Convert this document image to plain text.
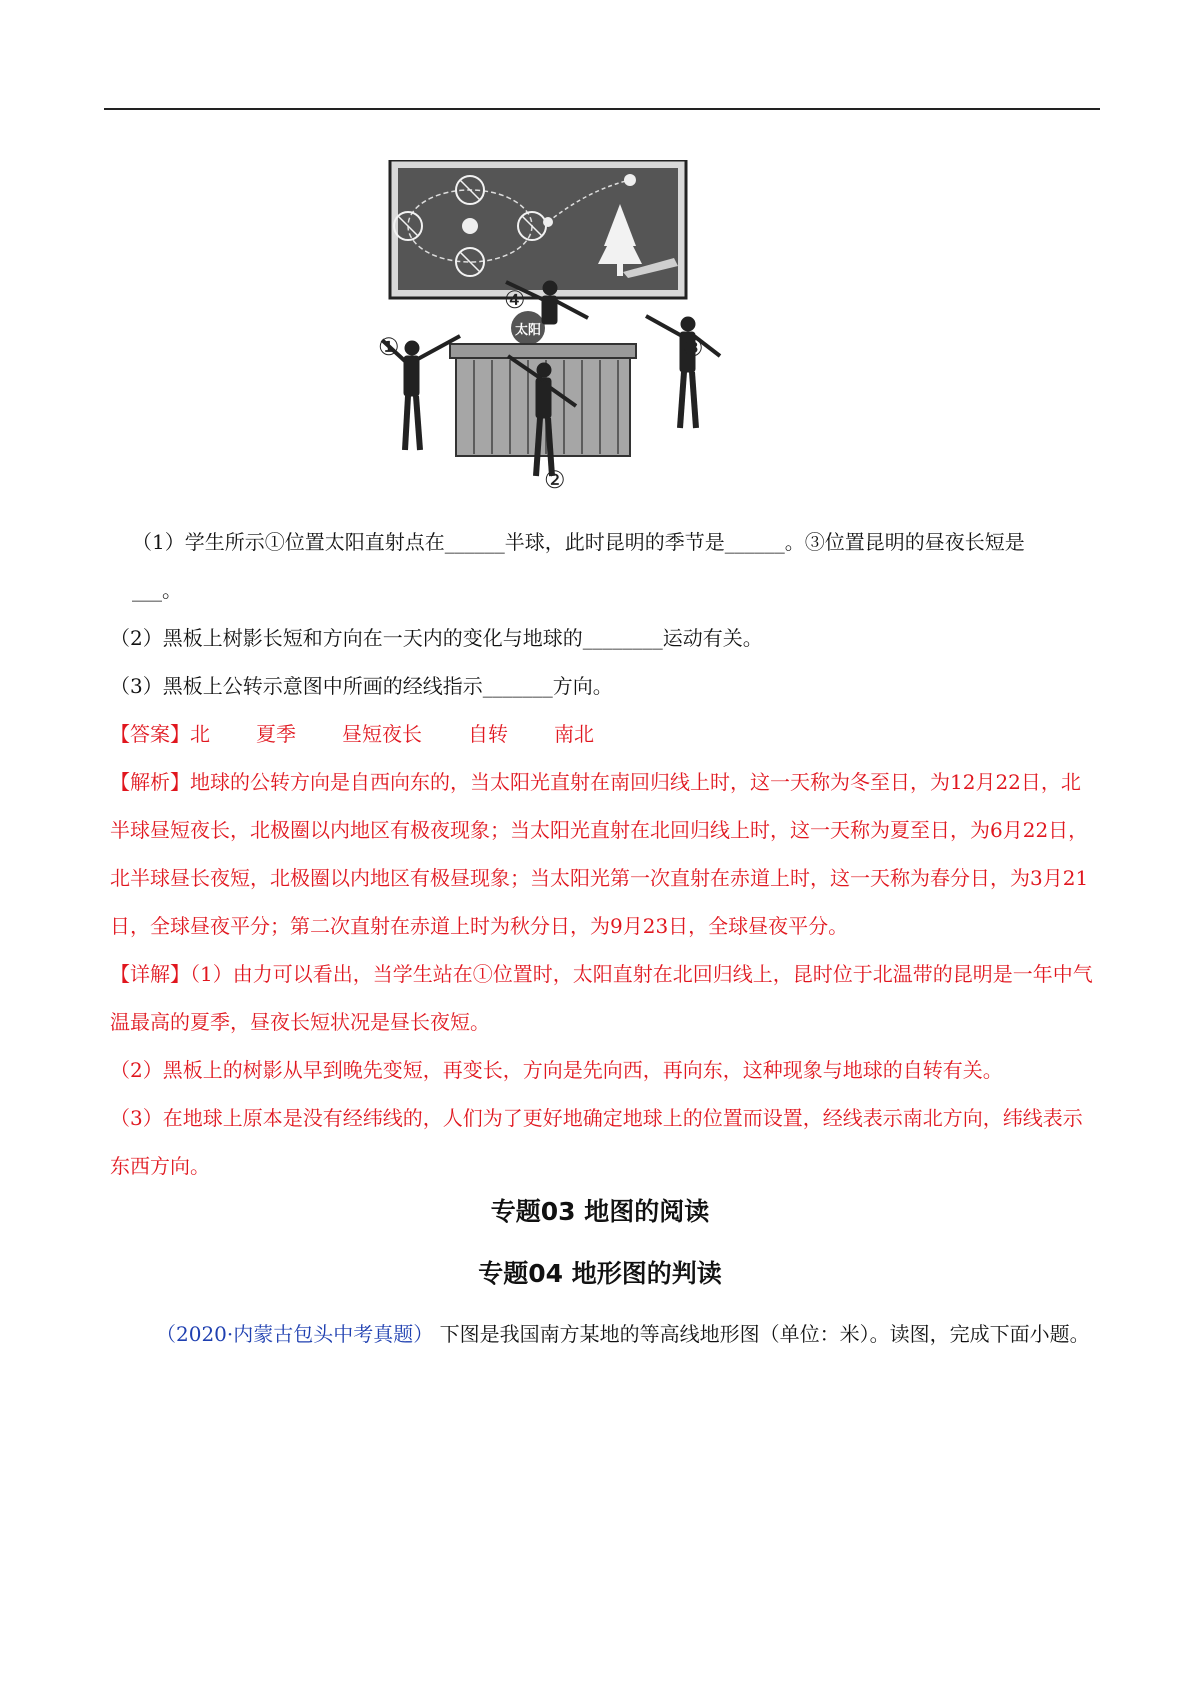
太阳
①
②
③
④
（1）学生所示①位置太阳直射点在______半球，此时昆明的季节是______。③位置昆明的昼夜长短是
___。
（2）黑板上树影长短和方向在一天内的变化与地球的________运动有关。
（3）黑板上公转示意图中所画的经线指示_______方向。
【答案】北 夏季 昼短夜长 自转 南北
【解析】地球的公转方向是自西向东的，当太阳光直射在南回归线上时，这一天称为冬至日，为12月22日，北半球昼短夜长，北极圈以内地区有极夜现象；当太阳光直射在北回归线上时，这一天称为夏至日，为6月22日，北半球昼长夜短，北极圈以内地区有极昼现象；当太阳光第一次直射在赤道上时，这一天称为春分日，为3月21日，全球昼夜平分；第二次直射在赤道上时为秋分日，为9月23日，全球昼夜平分。
【详解】（1）由力可以看出，当学生站在①位置时，太阳直射在北回归线上，昆时位于北温带的昆明是一年中气温最高的夏季，昼夜长短状况是昼长夜短。
（2）黑板上的树影从早到晚先变短，再变长，方向是先向西，再向东，这种现象与地球的自转有关。
（3）在地球上原本是没有经纬线的，人们为了更好地确定地球上的位置而设置，经线表示南北方向，纬线表示东西方向。
专题03 地图的阅读
专题04 地形图的判读
（2020·内蒙古包头中考真题） 下图是我国南方某地的等高线地形图（单位：米）。读图，完成下面小题。
